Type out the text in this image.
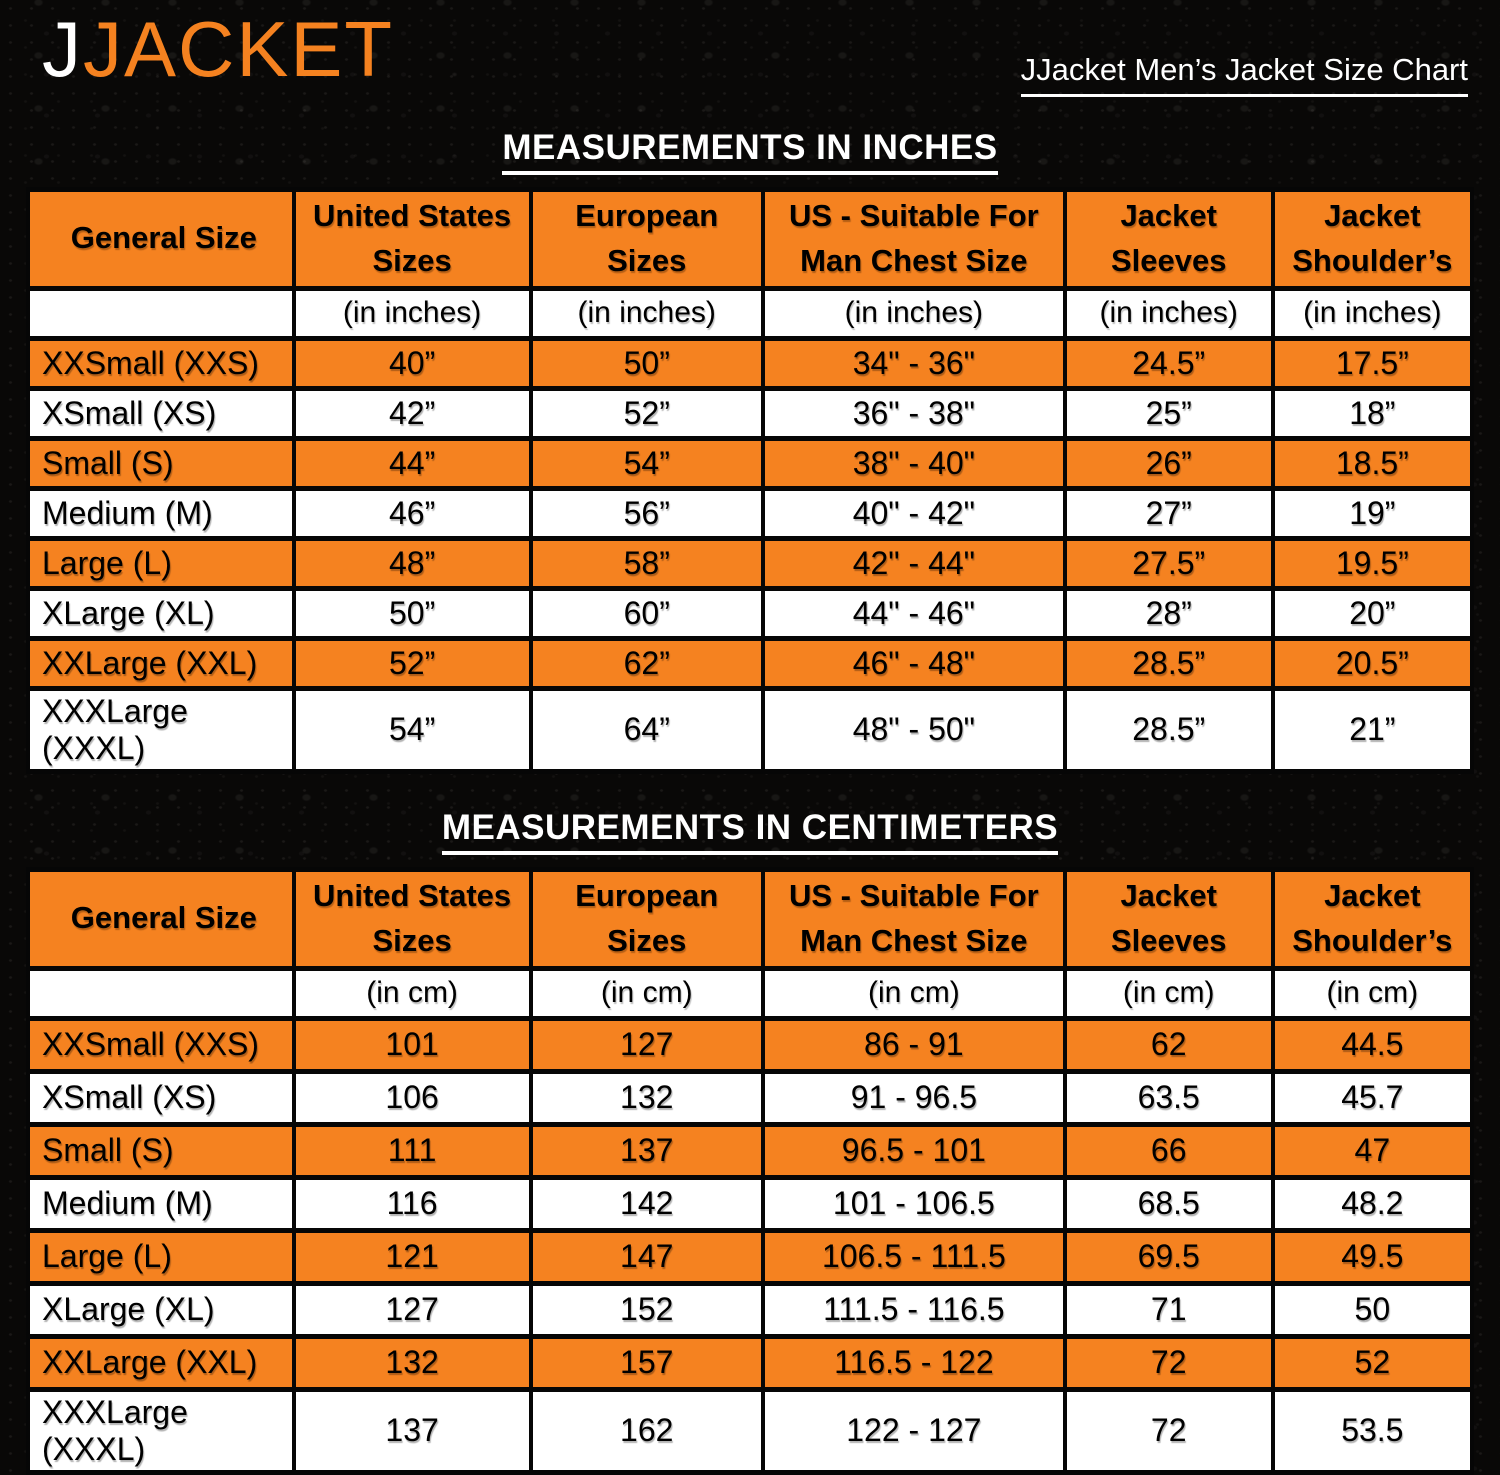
JJACKET	JJacket Men’s Jacket Size Chart
MEASUREMENTS IN INCHES
General Size	United States Sizes	European Sizes	US - Suitable For Man Chest Size	Jacket Sleeves	Jacket Shoulder’s
	(in inches)	(in inches)	(in inches)	(in inches)	(in inches)
XXSmall (XXS)	40”	50”	34" - 36"	24.5”	17.5”
XSmall (XS)	42”	52”	36" - 38"	25”	18”
Small (S)	44”	54”	38" - 40"	26”	18.5”
Medium (M)	46”	56”	40" - 42"	27”	19”
Large (L)	48”	58”	42" - 44"	27.5”	19.5”
XLarge (XL)	50”	60”	44" - 46"	28”	20”
XXLarge (XXL)	52”	62”	46" - 48"	28.5”	20.5”
XXXLarge (XXXL)	54”	64”	48" - 50"	28.5”	21”
MEASUREMENTS IN CENTIMETERS
General Size	United States Sizes	European Sizes	US - Suitable For Man Chest Size	Jacket Sleeves	Jacket Shoulder’s
	(in cm)	(in cm)	(in cm)	(in cm)	(in cm)
XXSmall (XXS)	101	127	86 - 91	62	44.5
XSmall (XS)	106	132	91 - 96.5	63.5	45.7
Small (S)	111	137	96.5 - 101	66	47
Medium (M)	116	142	101 - 106.5	68.5	48.2
Large (L)	121	147	106.5 - 111.5	69.5	49.5
XLarge (XL)	127	152	111.5 - 116.5	71	50
XXLarge (XXL)	132	157	116.5 - 122	72	52
XXXLarge (XXXL)	137	162	122 - 127	72	53.5
